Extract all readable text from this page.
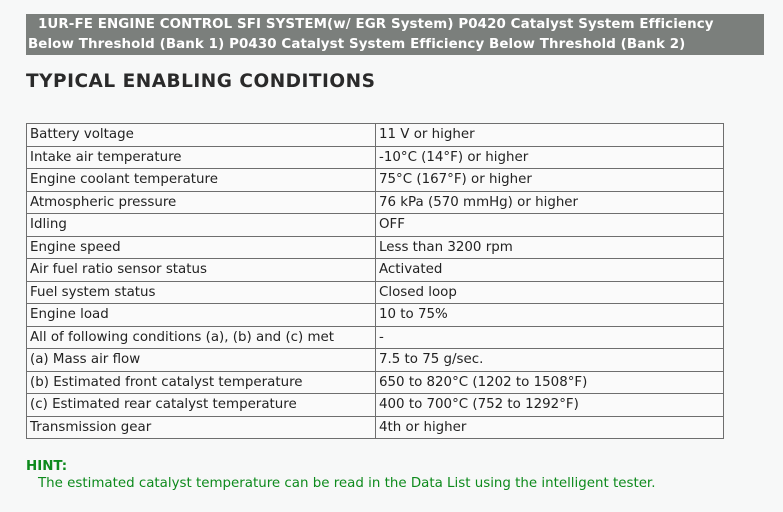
1UR-FE ENGINE CONTROL SFI SYSTEM(w/ EGR System) P0420 Catalyst System Efficiency
Below Threshold (Bank 1) P0430 Catalyst System Efficiency Below Threshold (Bank 2)
TYPICAL ENABLING CONDITIONS
Battery voltage	11 V or higher
Intake air temperature	-10°C (14°F) or higher
Engine coolant temperature	75°C (167°F) or higher
Atmospheric pressure	76 kPa (570 mmHg) or higher
Idling	OFF
Engine speed	Less than 3200 rpm
Air fuel ratio sensor status	Activated
Fuel system status	Closed loop
Engine load	10 to 75%
All of following conditions (a), (b) and (c) met	-
(a) Mass air flow	7.5 to 75 g/sec.
(b) Estimated front catalyst temperature	650 to 820°C (1202 to 1508°F)
(c) Estimated rear catalyst temperature	400 to 700°C (752 to 1292°F)
Transmission gear	4th or higher
HINT:
The estimated catalyst temperature can be read in the Data List using the intelligent tester.
